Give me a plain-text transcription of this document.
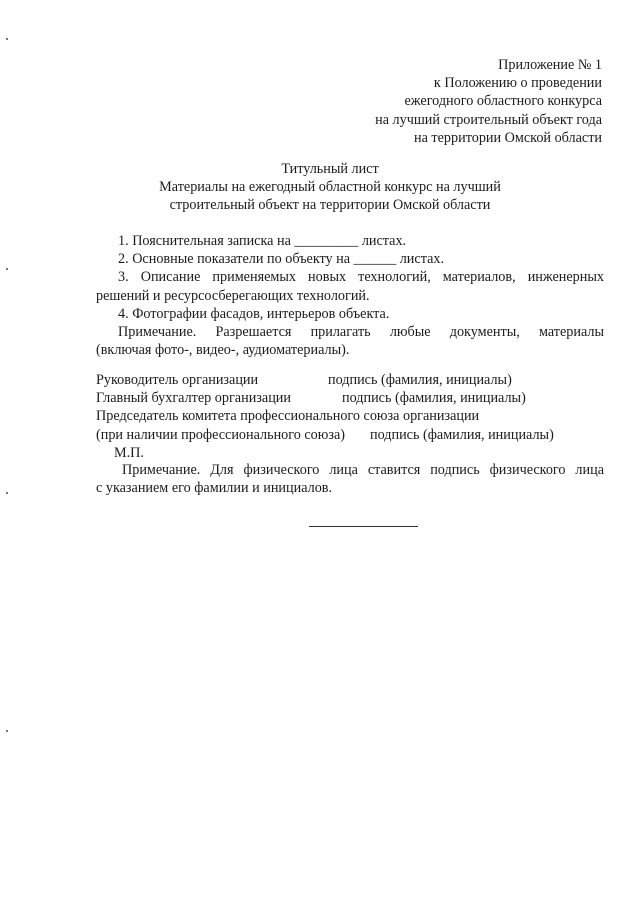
Приложение № 1
к Положению о проведении
ежегодного областного конкурса
на лучший строительный объект года
на территории Омской области
Титульный лист
Материалы на ежегодный областной конкурс на лучший
строительный объект на территории Омской области

1. Пояснительная записка на _________ листах.

2. Основные показатели по объекту на ______ листах.

3. Описание применяемых новых технологий, материалов, инженерных

решений и ресурсосберегающих технологий.

4. Фотографии фасадов, интерьеров объекта.

Примечание. Разрешается прилагать любые документы, материалы

(включая фото-, видео-, аудиоматериалы).

Руководитель организации	подпись (фамилия, инициалы)
Главный бухгалтер организации	подпись (фамилия, инициалы)
Председатель комитета профессионального союза организации
(при наличии профессионального союза) подпись (фамилия, инициалы)
М.П.

Примечание. Для физического лица ставится подпись физического лица

с указанием его фамилии и инициалов.
